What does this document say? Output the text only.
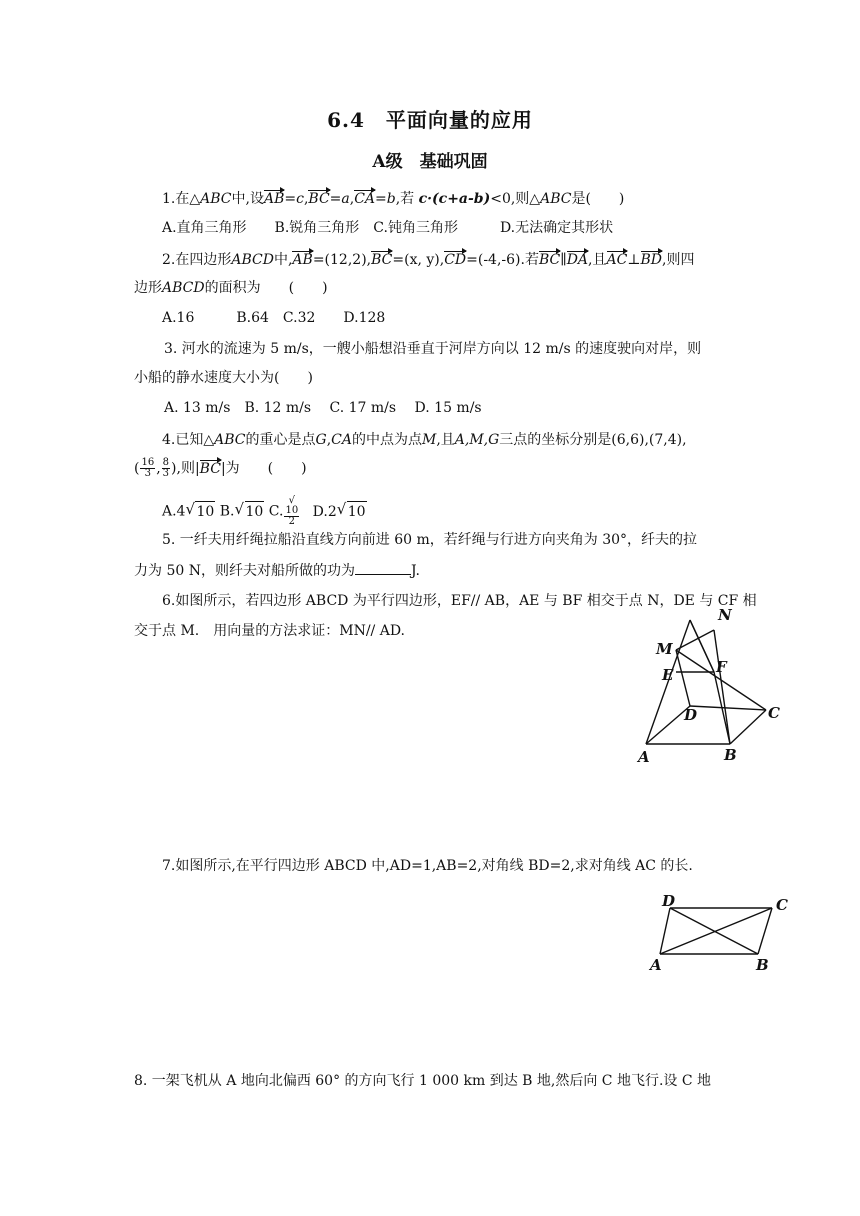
6.4　平面向量的应用
A级　基础巩固
1.在△ABC中,设AB=c,BC=a,CA=b,若 c·(c+a-b)<0,则△ABC是(　　)
A.直角三角形　　B.锐角三角形　C.钝角三角形　　　D.无法确定其形状
2.在四边形ABCD中,AB=(12,2),BC=(x, y),CD=(-4,-6).若BC∥DA,且AC⊥BD,则四
边形ABCD的面积为　　(　　)
A.16　　　B.64　C.32　　D.128
3. 河水的流速为 5 m/s，一艘小船想沿垂直于河岸方向以 12 m/s 的速度驶向对岸，则
小船的静水速度大小为(　　)
A. 13 m/s　B. 12 m/s　 C. 17 m/s　 D. 15 m/s
4.已知△ABC的重心是点G,CA的中点为点M,且A,M,G三点的坐标分别是(6,6),(7,4),
( $\frac{16}{3}$ , $\frac{8}{3}$ ),则|BC|为　　(　　)
A.4 √ 10 B. √ 10 C. √
10
2 D.2 √ 10
5. 一纤夫用纤绳拉船沿直线方向前进 60 m，若纤绳与行进方向夹角为 30°，纤夫的拉
力为 50 N，则纤夫对船所做的功为	J.
6.如图所示，若四边形 ABCD 为平行四边形，EF// AB，AE 与 BF 相交于点 N，DE 与 CF 相
交于点 M.　用向量的方法求证：MN// AD.
N
M
F
E
D	C
A	B
7.如图所示,在平行四边形 ABCD 中,AD=1,AB=2,对角线 BD=2,求对角线 AC 的长.
D	C
A	B
8. 一架飞机从 A 地向北偏西 60° 的方向飞行 1 000 km 到达 B 地,然后向 C 地飞行.设 C 地
